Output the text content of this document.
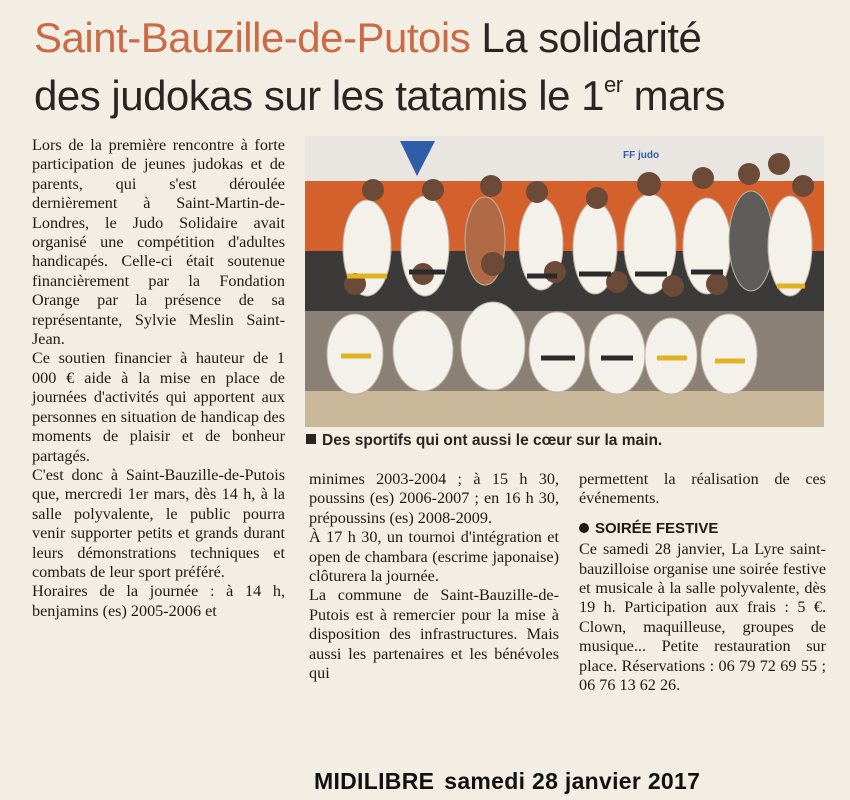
Saint-Bauzille-de-Putois La solidarité
des judokas sur les tatamis le 1er mars

Lors de la première rencontre à forte participation de jeunes judokas et de parents, qui s'est déroulée dernièrement à Saint-Martin-de-Londres, le Judo Solidaire avait organisé une compétition d'adultes handicapés. Celle-ci était soutenue financièrement par la Fondation Orange par la présence de sa représentante, Sylvie Meslin Saint-Jean.

Ce soutien financier à hauteur de 1 000 € aide à la mise en place de journées d'activités qui apportent aux personnes en situation de handicap des moments de plaisir et de bonheur partagés.

C'est donc à Saint-Bauzille-de-Putois que, mercredi 1er mars, dès 14 h, à la salle polyvalente, le public pourra venir supporter petits et grands durant leurs démonstrations techniques et combats de leur sport préféré.

Horaires de la journée : à 14 h, benjamins (es) 2005-2006 et

FF judo
Des sportifs qui ont aussi le cœur sur la main.

minimes 2003-2004 ; à 15 h 30, poussins (es) 2006-2007 ; en 16 h 30, prépoussins (es) 2008-2009.

À 17 h 30, un tournoi d'intégration et open de chambara (escrime japonaise) clôturera la journée.

La commune de Saint-Bauzille-de-Putois est à remercier pour la mise à disposition des infrastructures. Mais aussi les partenaires et les bénévoles qui

permettent la réalisation de ces événements.

SOIRÉE FESTIVE

Ce samedi 28 janvier, La Lyre saint-bauzilloise organise une soirée festive et musicale à la salle polyvalente, dès 19 h. Participation aux frais : 5 €. Clown, maquilleuse, groupes de musique... Petite restauration sur place. Réservations : 06 79 72 69 55 ; 06 76 13 62 26.

MIDILIBRE samedi 28 janvier 2017
